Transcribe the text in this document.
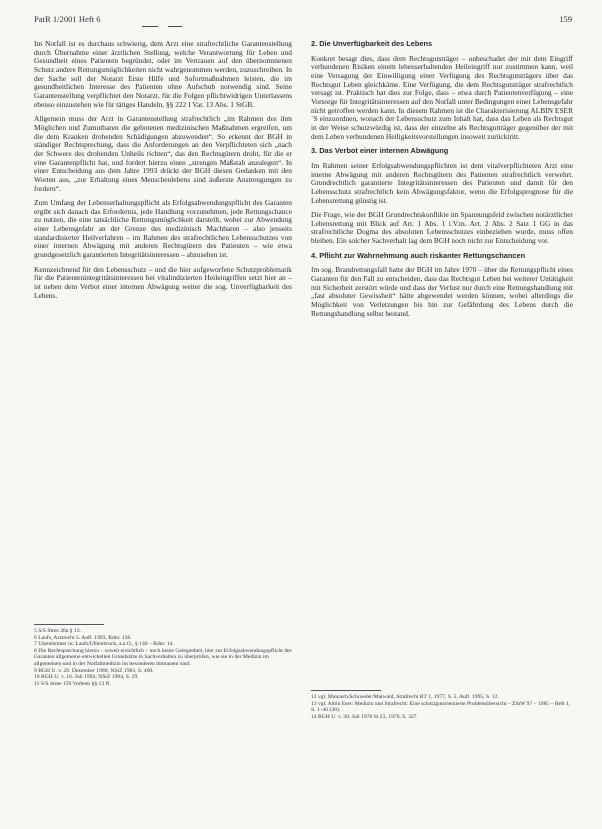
PatR 1/2001 Heft 6	159

Im Notfall ist es durchaus schwierig, dem Arzt eine strafrechtliche Garantenstellung durch Übernahme einer ärztlichen Stellung, welche Verantwortung für Leben und Gesundheit eines Patienten begründet, oder im Vertrauen auf den übernommenen Schutz andere Rettungsmöglichkeiten nicht wahrgenommen werden, zuzuschreiben. In der Sache soll der Notarzt Erste Hilfe und Sofortmaßnahmen leisten, die im gesundheitlichen Interesse des Patienten ohne Aufschub notwendig sind. Seine Garantenstellung verpflichtet den Notarzt, für die Folgen pflichtwidrigen Unterlassens ebenso einzustehen wie für tätiges Handeln, §§ 222 I Var. 13 Abs. 1 StGB.

Allgemein muss der Arzt in Garantenstellung strafrechtlich „im Rahmen des ihm Möglichen und Zumutbaren die gebotenen medizinischen Maßnahmen ergreifen, um die dem Kranken drohenden Schädigungen abzuwenden“. So erkennt der BGH in ständiger Rechtsprechung, dass die Anforderungen an den Verpflichteten sich „nach der Schwere des drohenden Unheils richten“, das den Rechtsgütern droht, für die er eine Garantenpflicht hat, und fordert hierzu einen „strengen Maßstab anzulegen“. In einer Entscheidung aus dem Jahre 1993 drückt der BGH diesen Gedanken mit den Worten aus, „zur Erhaltung eines Menschenlebens sind äußerste Anstrengungen zu fordern“.

Zum Umfang der Lebenserhaltungspflicht als Erfolgsabwendungspflicht des Garanten ergibt sich danach das Erfordernis, jede Handlung vorzunehmen, jede Rettungschance zu nutzen, die eine tatsächliche Rettungsmöglichkeit darstellt, wobei zur Abwendung einer Lebensgefahr an der Grenze des medizinisch Machbaren – also jenseits standardisierter Heilverfahren – im Rahmen des strafrechtlichen Lebensschutzes von einer internen Abwägung mit anderen Rechtsgütern des Patienten – wie etwa grundgesetzlich garantierten Integritätsinteressen – abzusehen ist.

Kennzeichnend für den Lebensschutz – und die hier aufgeworfene Schutzproblematik für die Patientenintegritätsinteressen bei vitalindizierten Heileingriffen setzt hier an – ist neben dem Verbot einer internen Abwägung weiter die sog. Unverfügbarkeit des Lebens.

5 S/S Stree 28a § 13.
6 Laufs, Arztrecht 5. Aufl. 1993, Rdnr. 136.
7 Ulsenheimer in: Laufs/Uhlenbruck, a.a.O., § 140 – Rdnr. 14.
8 Die Rechtsprechung hierzu – soweit ersichtlich – noch keine Gelegenheit, hier zur Erfolgsabwendungspflicht des Garanten allgemeine entwickelten Grundsätze in Sachverhalten zu überprüfen, wie sie in der Medizin im allgemeinen und in der Notfallmedizin im besonderen immanent sind.
9 BGH U. v. 29. Dezember 1980; NStZ 1983, S. 460.
10 BGH U. v. 16. Juli 1993; NStZ 1994, S. 29.
11 S/S Stree 159 Vorbem §§ 13 ff.
2. Die Unverfügbarkeit des Lebens

Konkret besagt dies, dass dem Rechtsgutsträger – unbeschadet der mit dem Eingriff verbundenen Risiken einem lebenserhaltenden Heileingriff nur zustimmen kann, weil eine Versagung der Einwilligung einer Verfügung des Rechtsgutsträgers über das Rechtsgut Leben gleichkäme. Eine Verfügung, die dem Rechtsgutsträger strafrechtlich versagt ist. Praktisch hat dies zur Folge, dass – etwa durch Patientenverfügung – eine Vorsorge für Integritätsinteressen auf den Notfall unter Bedingungen einer Lebensgefahr nicht getroffen werden kann. In diesem Rahmen ist die Charakterisierung ALBIN ESER´S einzuordnen, wonach der Lebensschutz zum Inhalt hat, dass das Leben als Rechtsgut in der Weise schutzwürdig ist, dass der einzelne als Rechtsgutträger gegenüber der mit dem Leben verbundenen Heiligkeitsvorstellungen insoweit zurücktritt.

3. Das Verbot einer internen Abwägung

Im Rahmen seiner Erfolgsabwendungspflichten ist dem vitalverpflichteten Arzt eine interne Abwägung mit anderen Rechtsgütern des Patienten strafrechtlich verwehrt. Grundrechtlich garantierte Integritätsinteressen des Patienten und damit für den Lebensschutz strafrechtlich kein Abwägungsfaktor, wenn die Erfolgsprognose für die Lebensrettung günstig ist.

Die Frage, wie der BGH Grundrechtskonflikte im Spannungsfeld zwischen notärztlicher Lebensrettung mit Blick auf Art. 1 Abs. 1 i.V.m. Art. 2 Abs. 2 Satz 1 GG in das strafrechtliche Dogma des absoluten Lebensschutzes einbeziehen wurde, muss offen bleiben. Ein solcher Sachverhalt lag dem BGH noch nicht zur Entscheidung vor.

4. Pflicht zur Wahrnehmung auch riskanter Rettungschancen

Im sog. Brandrettungsfall hatte der BGH im Jahre 1970 – über die Rettungspflicht eines Garanten für den Fall zu entscheiden, dass das Rechtsgut Leben bei weiterer Untätigkeit mit Sicherheit zerstört würde und dass der Verlust nur durch eine Rettungshandlung mit „fast absoluter Gewissheit“ hätte abgewendet werden können, wobei allerdings die Möglichkeit von Verletzungen bis hin zur Gefährdung des Lebens durch die Rettungshandlung selbst bestand.

12 vgl. Maurach/Schroeder/Maiwald, Strafrecht BT 1, 1977, S. 5, Aufl. 1995, S. 12.
13 vgl. Albin Eser: Medizin und Strafrecht: Eine schutzgutorientierte Problemübersicht – ZStW 97 – 1985 – Heft 1, S. 1–46 (38).
14 BGH U. v. 20. Juli 1970 St 23, 1970, S. 327.
